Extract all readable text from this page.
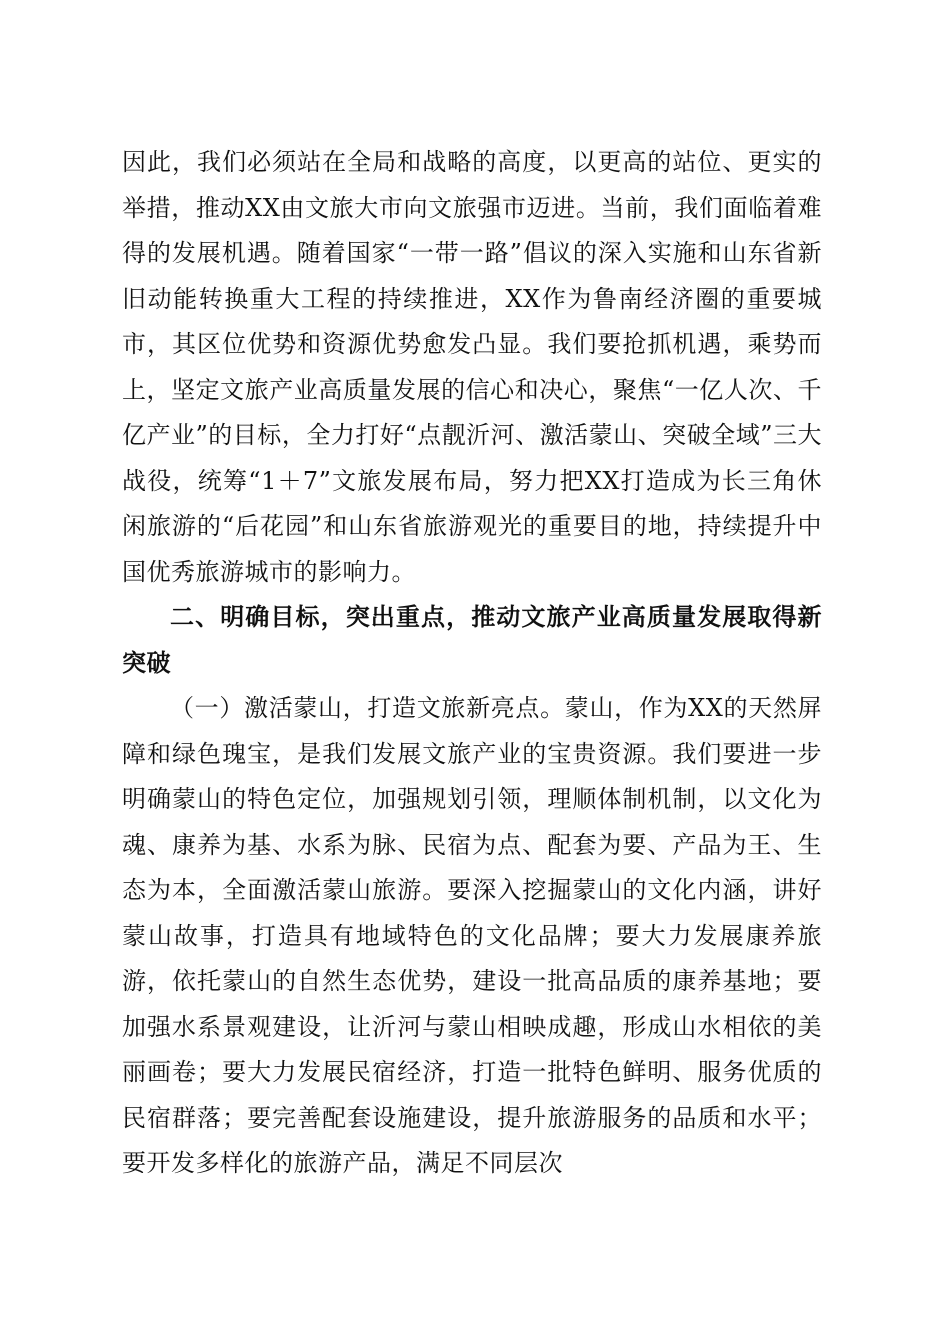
因此，我们必须站在全局和战略的高度，以更高的站位、更实的举措，推动XX由文旅大市向文旅强市迈进。当前，我们面临着难得的发展机遇。随着国家“一带一路”倡议的深入实施和山东省新旧动能转换重大工程的持续推进，XX作为鲁南经济圈的重要城市，其区位优势和资源优势愈发凸显。我们要抢抓机遇，乘势而上，坚定文旅产业高质量发展的信心和决心，聚焦“一亿人次、千亿产业”的目标，全力打好“点靓沂河、激活蒙山、突破全域”三大战役，统筹“1＋7”文旅发展布局，努力把XX打造成为长三角休闲旅游的“后花园”和山东省旅游观光的重要目的地，持续提升中国优秀旅游城市的影响力。

二、明确目标，突出重点，推动文旅产业高质量发展取得新突破

（一）激活蒙山，打造文旅新亮点。蒙山，作为XX的天然屏障和绿色瑰宝，是我们发展文旅产业的宝贵资源。我们要进一步明确蒙山的特色定位，加强规划引领，理顺体制机制，以文化为魂、康养为基、水系为脉、民宿为点、配套为要、产品为王、生态为本，全面激活蒙山旅游。要深入挖掘蒙山的文化内涵，讲好蒙山故事，打造具有地域特色的文化品牌；要大力发展康养旅游，依托蒙山的自然生态优势，建设一批高品质的康养基地；要加强水系景观建设，让沂河与蒙山相映成趣，形成山水相依的美丽画卷；要大力发展民宿经济，打造一批特色鲜明、服务优质的民宿群落；要完善配套设施建设，提升旅游服务的品质和水平；要开发多样化的旅游产品，满足不同层次
